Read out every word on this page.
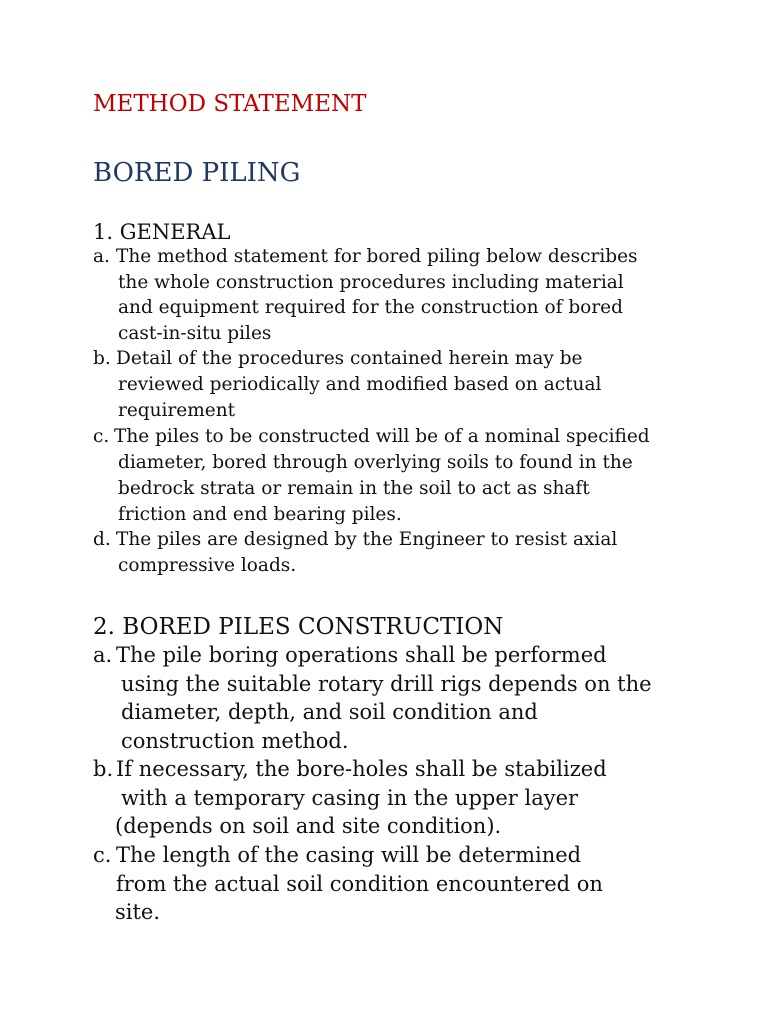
METHOD STATEMENT
BORED PILING
1. GENERAL
a. The method statement for bored piling below describes
the whole construction procedures including material
and equipment required for the construction of bored
cast-in-situ piles
b. Detail of the procedures contained herein may be
reviewed periodically and modified based on actual
requirement
c. The piles to be constructed will be of a nominal specified
diameter, bored through overlying soils to found in the
bedrock strata or remain in the soil to act as shaft
friction and end bearing piles.
d. The piles are designed by the Engineer to resist axial
compressive loads.
2. BORED PILES CONSTRUCTION
a. The pile boring operations shall be performed
using the suitable rotary drill rigs depends on the
diameter, depth, and soil condition and
construction method.
b. If necessary, the bore-holes shall be stabilized
with a temporary casing in the upper layer
(depends on soil and site condition).
c. The length of the casing will be determined
from the actual soil condition encountered on
site.
